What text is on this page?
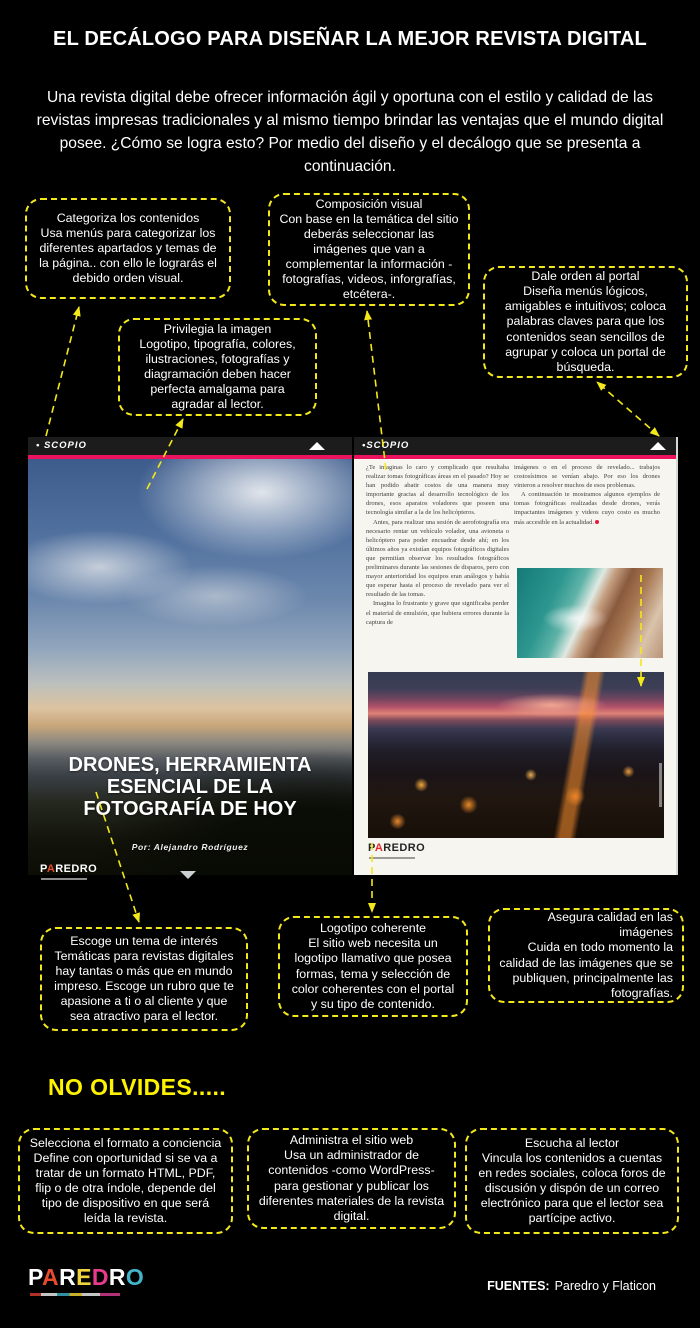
EL DECÁLOGO PARA DISEÑAR LA MEJOR REVISTA DIGITAL

Una revista digital debe ofrecer información ágil y oportuna con el estilo y calidad de las revistas impresas tradicionales y al mismo tiempo brindar las ventajas que el mundo digital posee. ¿Cómo se logra esto? Por medio del diseño y el decálogo que se presenta a continuación.

Categoriza los contenidos
Usa menús para categorizar los diferentes apartados y temas de la página.. con ello le lograrás el debido orden visual.
Composición visual
Con base en la temática del sitio deberás seleccionar las imágenes que van a complementar la información -fotografías, videos, inforgrafías, etcétera-.
Dale orden al portal
Diseña menús lógicos, amigables e intuitivos; coloca palabras claves para que los contenidos sean sencillos de agrupar y coloca un portal de búsqueda.
Privilegia la imagen
Logotipo, tipografía, colores, ilustraciones, fotografías y diagramación deben hacer perfecta amalgama para agradar al lector.
• SCOPIO
DRONES, HERRAMIENTA
ESENCIAL DE LA
FOTOGRAFÍA DE HOY
Por: Alejandro Rodríguez
PAREDRO
•SCOPIO

¿Te imaginas lo caro y complicado que resultaba realizar tomas fotográficas áreas en el pasado? Hoy se han podido abatir costos de una manera muy importante gracias al desarrollo tecnológico de los drones, esos aparatos voladores que poseen una tecnología similar a la de los helicópteros.

Antes, para realizar una sesión de aerofotografía era necesario rentar un vehículo volador, una avioneta o helicóptero para poder encuadrar desde ahí; en los últimos años ya existían equipos fotográficos digitales que permitían observar los resultados fotográficos preliminares durante las sesiones de disparos, pero con mayor anterioridad los equipos eran análogos y había que esperar hasta el proceso de revelado para ver el resultado de las tomas.

Imagina lo frustrante y grave que significaba perder el material de emulsión, que hubiera errores durante la captura de

imágenes o en el proceso de revelado... trabajos costosísimos se venían abajo. Por eso los drones vinieron a resolver muchos de esos problemas.

A continuación te mostramos algunos ejemplos de tomas fotográficas realizadas desde drones, verás impactantes imágenes y videos cuyo costo es mucho más accesible en la actualidad.

PAREDRO
Escoge un tema de interés
Temáticas para revistas digitales hay tantas o más que en mundo impreso. Escoge un rubro que te apasione a ti o al cliente y que sea atractivo para el lector.
Logotipo coherente
El sitio web necesita un logotipo llamativo que posea formas, tema y selección de color coherentes con el portal y su tipo de contenido.
Asegura calidad en las imágenes
Cuida en todo momento la calidad de las imágenes que se publiquen, principalmente las fotografías.
NO OLVIDES.....
Selecciona el formato a conciencia
Define con oportunidad si se va a tratar de un formato HTML, PDF, flip o de otra índole, depende del tipo de dispositivo en que será leída la revista.
Administra el sitio web
Usa un administrador de contenidos -como WordPress- para gestionar y publicar los diferentes materiales de la revista digital.
Escucha al lector
Vincula los contenidos a cuentas en redes sociales, coloca foros de discusión y dispón de un correo electrónico para que el lector sea partícipe activo.
PAREDRO	FUENTES: Paredro y Flaticon
